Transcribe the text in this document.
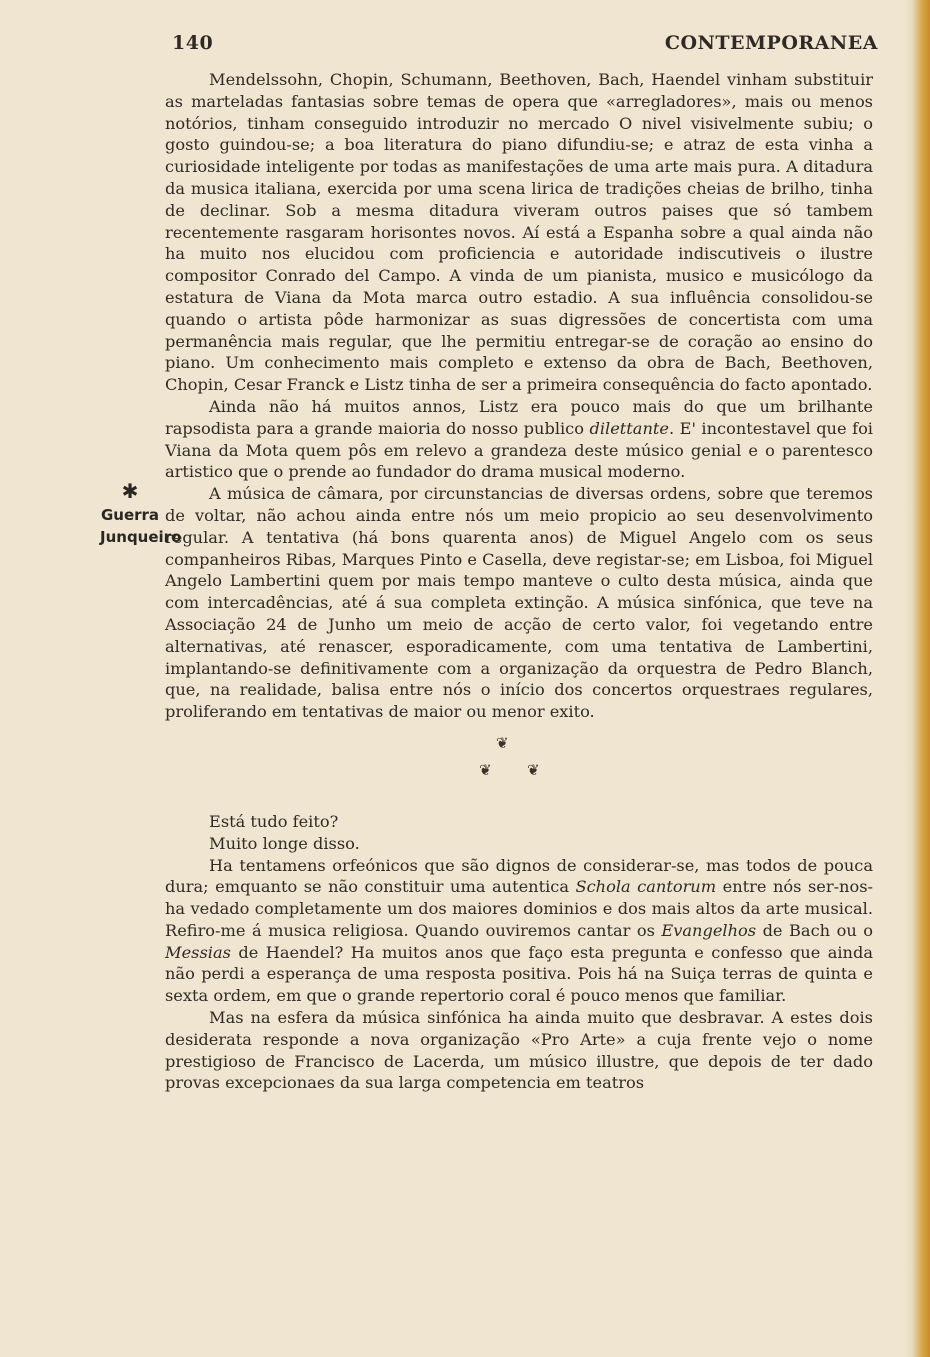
140	CONTEMPORANEA
✱
Guerra
Junqueiro

Mendelssohn, Chopin, Schumann, Beethoven, Bach, Haendel vinham substituir as marteladas fantasias sobre temas de opera que «arregladores», mais ou menos notórios, tinham conseguido introduzir no mercado O nivel visivelmente subiu; o gosto guindou-se; a boa literatura do piano difundiu-se; e atraz de esta vinha a curiosidade inteligente por todas as manifestações de uma arte mais pura. A ditadura da musica italiana, exercida por uma scena lirica de tradições cheias de brilho, tinha de declinar. Sob a mesma ditadura viveram outros paises que só tambem recentemente rasgaram horisontes novos. Aí está a Espanha sobre a qual ainda não ha muito nos elucidou com proficiencia e autoridade indiscutiveis o ilustre compositor Conrado del Campo. A vinda de um pianista, musico e musicólogo da estatura de Viana da Mota marca outro estadio. A sua influência consolidou-se quando o artista pôde harmonizar as suas digressões de concertista com uma permanência mais regular, que lhe permitiu entregar-se de coração ao ensino do piano. Um conhecimento mais completo e extenso da obra de Bach, Beethoven, Chopin, Cesar Franck e Listz tinha de ser a primeira consequência do facto apontado.

Ainda não há muitos annos, Listz era pouco mais do que um brilhante rapsodista para a grande maioria do nosso publico dilettante. E' incontestavel que foi Viana da Mota quem pôs em relevo a grandeza deste músico genial e o parentesco artistico que o prende ao fundador do drama musical moderno.

A música de câmara, por circunstancias de diversas ordens, sobre que teremos de voltar, não achou ainda entre nós um meio propicio ao seu desenvolvimento regular. A tentativa (há bons quarenta anos) de Miguel Angelo com os seus companheiros Ribas, Marques Pinto e Casella, deve registar-se; em Lisboa, foi Miguel Angelo Lambertini quem por mais tempo manteve o culto desta música, ainda que com intercadências, até á sua completa extinção. A música sinfónica, que teve na Associação 24 de Junho um meio de acção de certo valor, foi vegetando entre alternativas, até renascer, esporadicamente, com uma tentativa de Lambertini, implantando-se definitivamente com a organização da orquestra de Pedro Blanch, que, na realidade, balisa entre nós o início dos concertos orquestraes regulares, proliferando em tentativas de maior ou menor exito.

❦
❦ ❦

Está tudo feito?

Muito longe disso.

Ha tentamens orfeónicos que são dignos de considerar-se, mas todos de pouca dura; emquanto se não constituir uma autentica Schola cantorum entre nós ser-nos-ha vedado completamente um dos maiores dominios e dos mais altos da arte musical. Refiro-me á musica religiosa. Quando ouviremos cantar os Evangelhos de Bach ou o Messias de Haendel? Ha muitos anos que faço esta pregunta e confesso que ainda não perdi a esperança de uma resposta positiva. Pois há na Suiça terras de quinta e sexta ordem, em que o grande repertorio coral é pouco menos que familiar.

Mas na esfera da música sinfónica ha ainda muito que desbravar. A estes dois desiderata responde a nova organização «Pro Arte» a cuja frente vejo o nome prestigioso de Francisco de Lacerda, um músico illustre, que depois de ter dado provas excepcionaes da sua larga competencia em teatros
